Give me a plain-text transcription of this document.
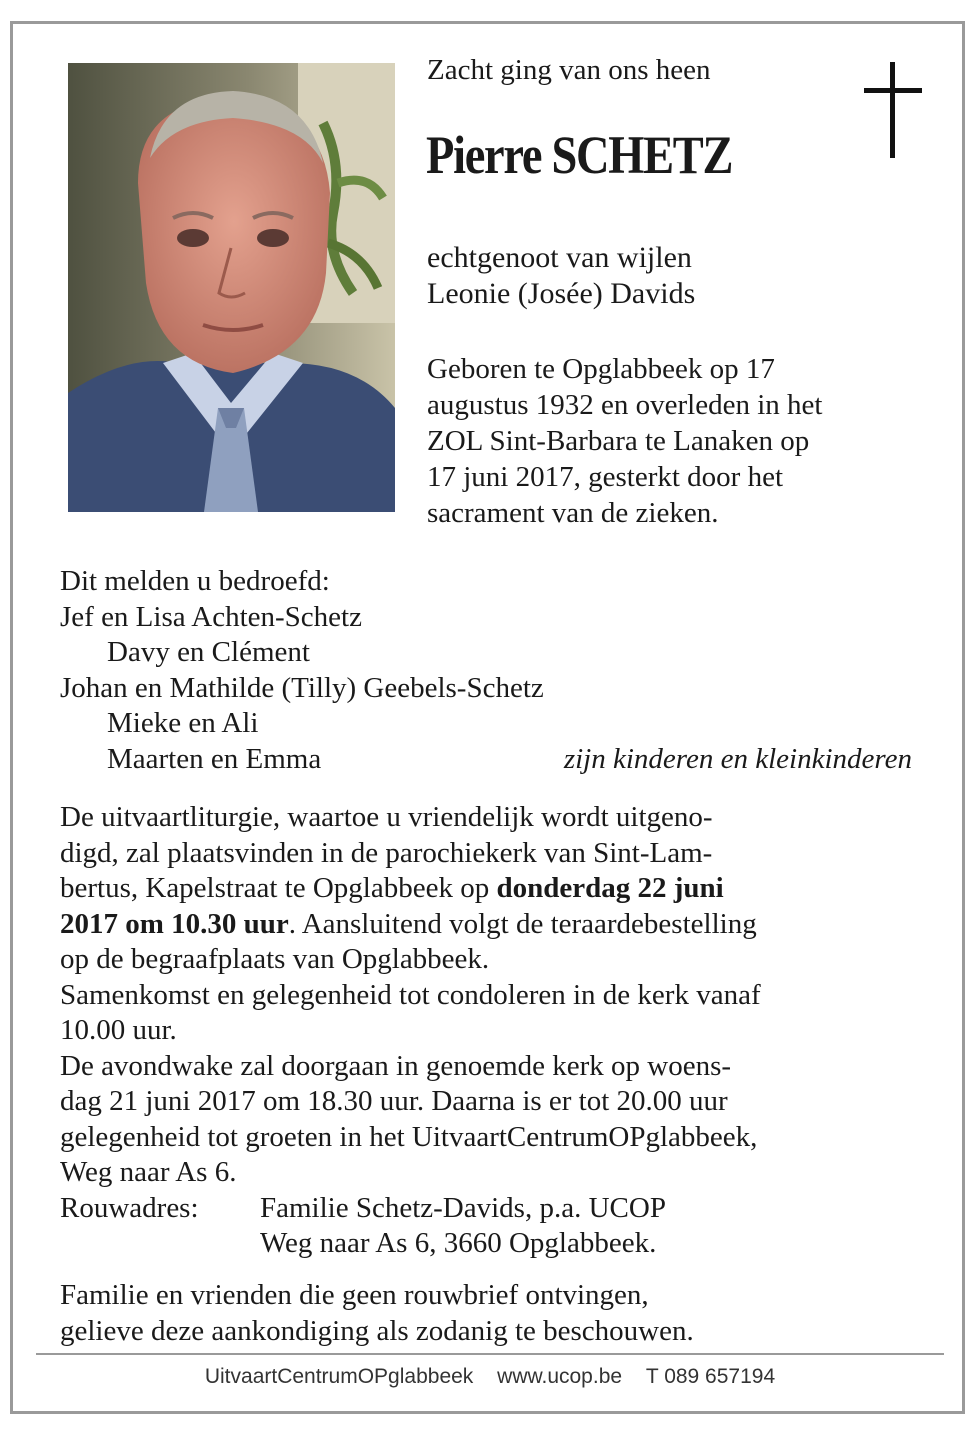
Zacht ging van ons heen

Pierre SCHETZ
echtgenoot van wijlen
Leonie (Josée) Davids
Geboren te Opglabbeek op 17
augustus 1932 en overleden in het
ZOL Sint-Barbara te Lanaken op
17 juni 2017, gesterkt door het
sacrament van de zieken.
Dit melden u bedroefd:
Jef en Lisa Achten-Schetz
Davy en Clément
Johan en Mathilde (Tilly) Geebels-Schetz
Mieke en Ali
Maarten en Emma	zijn kinderen en kleinkinderen
De uitvaartliturgie, waartoe u vriendelijk wordt uitgeno-
digd, zal plaatsvinden in de parochiekerk van Sint-Lam-
bertus, Kapelstraat te Opglabbeek op donderdag 22 juni
2017 om 10.30 uur. Aansluitend volgt de teraardebestelling
op de begraafplaats van Opglabbeek.
Samenkomst en gelegenheid tot condoleren in de kerk vanaf
10.00 uur.
De avondwake zal doorgaan in genoemde kerk op woens-
dag 21 juni 2017 om 18.30 uur. Daarna is er tot 20.00 uur
gelegenheid tot groeten in het UitvaartCentrumOPglabbeek,
Weg naar As 6.
Rouwadres: Familie Schetz-Davids, p.a. UCOP
Weg naar As 6, 3660 Opglabbeek.
Familie en vrienden die geen rouwbrief ontvingen,
gelieve deze aankondiging als zodanig te beschouwen.
UitvaartCentrumOPglabbeek www.ucop.be T 089 657194
